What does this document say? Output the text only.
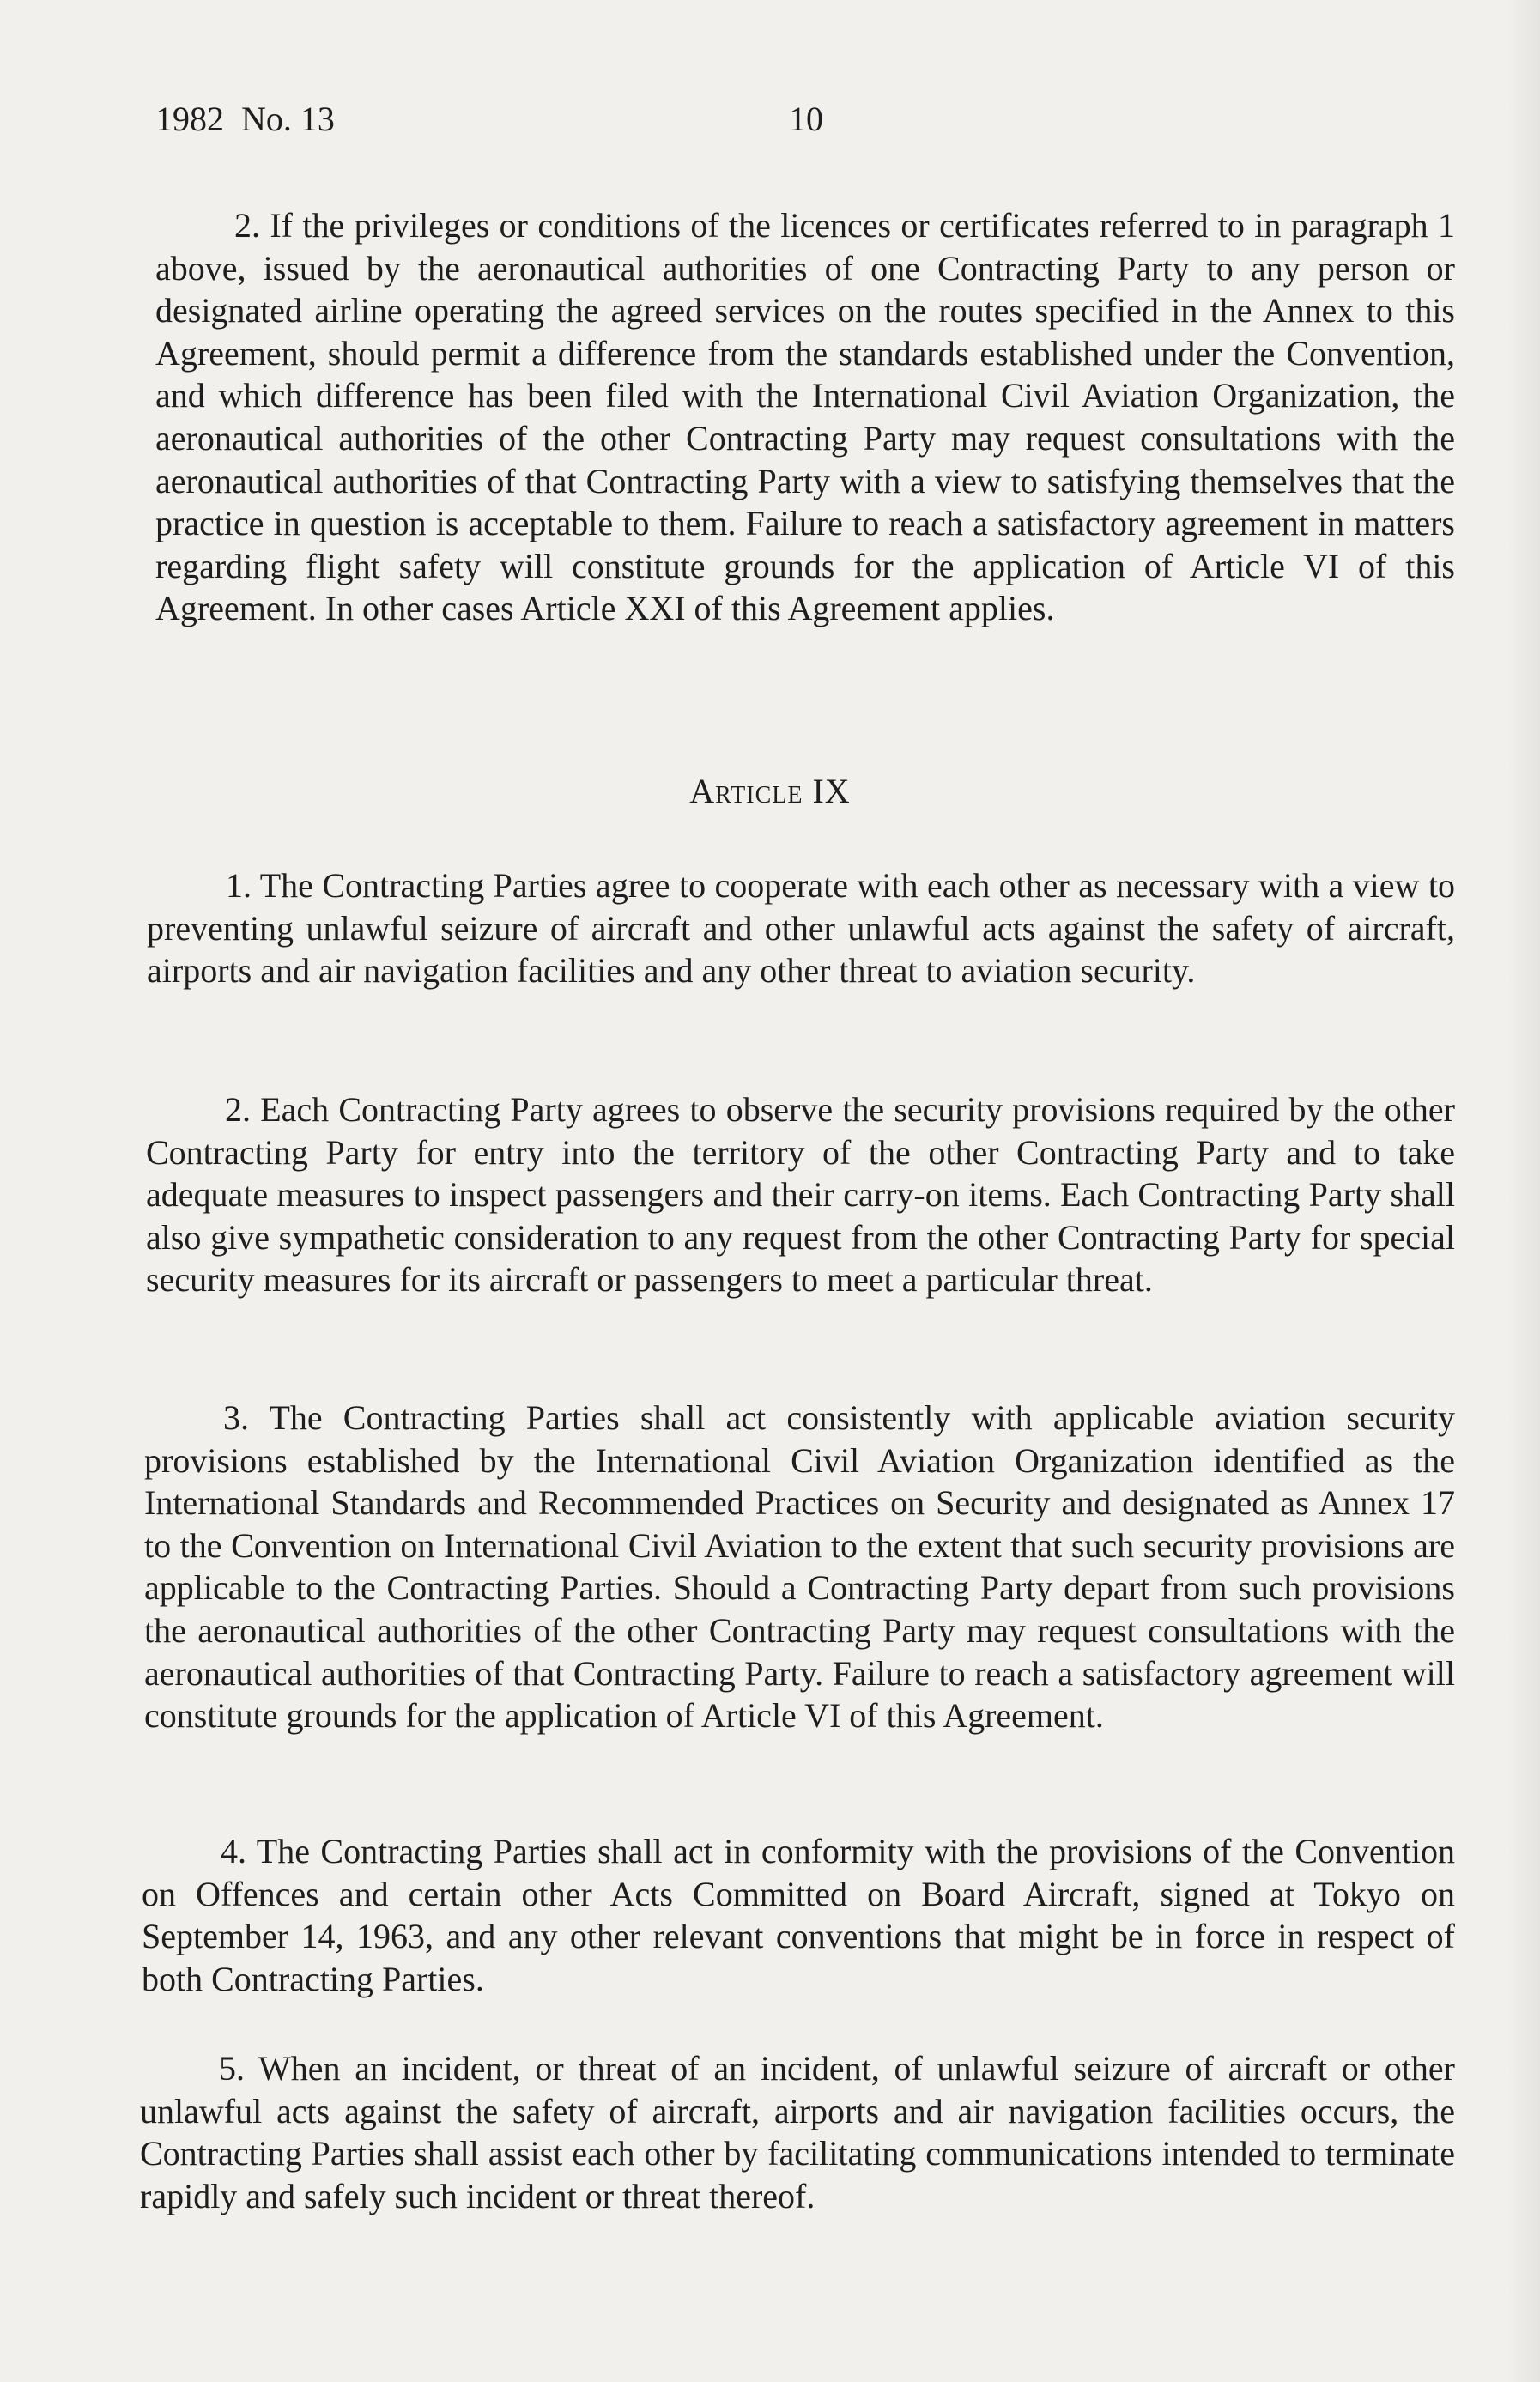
1982  No. 13	10

2. If the privileges or conditions of the licences or certificates referred to in paragraph 1 above, issued by the aeronautical authorities of one Contracting Party to any person or designated airline operating the agreed services on the routes specified in the Annex to this Agreement, should permit a difference from the standards established under the Convention, and which difference has been filed with the International Civil Aviation Organization, the aeronautical authorities of the other Contracting Party may request consultations with the aeronautical authorities of that Contracting Party with a view to satisfying themselves that the practice in question is acceptable to them. Failure to reach a satisfactory agreement in matters regarding flight safety will constitute grounds for the application of Article VI of this Agreement. In other cases Article XXI of this Agreement applies.

Article IX

1. The Contracting Parties agree to cooperate with each other as necessary with a view to preventing unlawful seizure of aircraft and other unlawful acts against the safety of aircraft, airports and air navigation facilities and any other threat to aviation security.

2. Each Contracting Party agrees to observe the security provisions required by the other Contracting Party for entry into the territory of the other Contracting Party and to take adequate measures to inspect passengers and their carry-on items. Each Contracting Party shall also give sympathetic consideration to any request from the other Contracting Party for special security measures for its aircraft or passengers to meet a particular threat.

3. The Contracting Parties shall act consistently with applicable aviation security provisions established by the International Civil Aviation Organization identified as the International Standards and Recommended Practices on Security and designated as Annex 17 to the Convention on International Civil Aviation to the extent that such security provisions are applicable to the Contracting Parties. Should a Contracting Party depart from such provisions the aeronautical authorities of the other Contracting Party may request consultations with the aeronautical authorities of that Contracting Party. Failure to reach a satisfactory agreement will constitute grounds for the application of Article VI of this Agreement.

4. The Contracting Parties shall act in conformity with the provisions of the Convention on Offences and certain other Acts Committed on Board Aircraft, signed at Tokyo on September 14, 1963, and any other relevant conventions that might be in force in respect of both Contracting Parties.

5. When an incident, or threat of an incident, of unlawful seizure of aircraft or other unlawful acts against the safety of aircraft, airports and air navigation facilities occurs, the Contracting Parties shall assist each other by facilitating communications intended to terminate rapidly and safely such incident or threat thereof.
